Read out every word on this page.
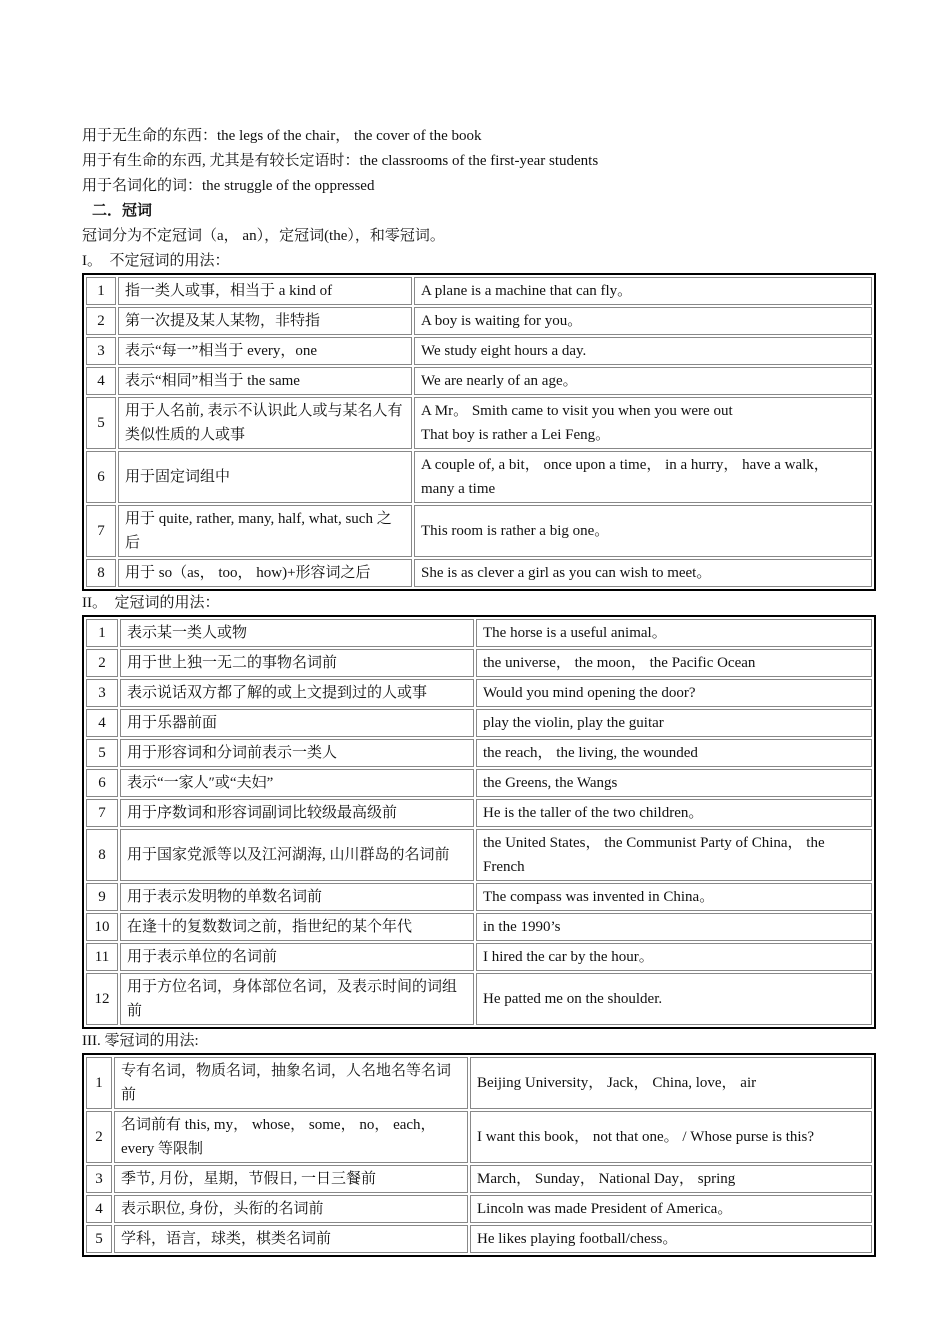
用于无生命的东西：the legs of the chair， the cover of the book
用于有生命的东西, 尤其是有较长定语时：the classrooms of the first-year students
用于名词化的词：the struggle of the oppressed
二．冠词
冠词分为不定冠词（a， an），定冠词(the），和零冠词。
I。　不定冠词的用法：
1	指一类人或事，相当于 a kind of	A plane is a machine that can fly。
2	第一次提及某人某物，非特指	A boy is waiting for you。
3	表示“每一”相当于 every，one	We study eight hours a day.
4	表示“相同”相当于 the same	We are nearly of an age。
5	用于人名前, 表示不认识此人或与某名人有类似性质的人或事	A Mr。 Smith came to visit you when you were out
That boy is rather a Lei Feng。
6	用于固定词组中	A couple of, a bit， once upon a time， in a hurry， have a walk， many a time
7	用于 quite, rather, many, half, what, such 之后	This room is rather a big one。
8	用于 so（as， too， how)+形容词之后	She is as clever a girl as you can wish to meet。
II。　定冠词的用法：
1	表示某一类人或物	The horse is a useful animal。
2	用于世上独一无二的事物名词前	the universe， the moon， the Pacific Ocean
3	表示说话双方都了解的或上文提到过的人或事	Would you mind opening the door?
4	用于乐器前面	play the violin, play the guitar
5	用于形容词和分词前表示一类人	the reach， the living, the wounded
6	表示“一家人″或“夫妇”	the Greens, the Wangs
7	用于序数词和形容词副词比较级最高级前	He is the taller of the two children。
8	用于国家党派等以及江河湖海, 山川群岛的名词前	the United States， the Communist Party of China， the French
9	用于表示发明物的单数名词前	The compass was invented in China。
10	在逢十的复数数词之前，指世纪的某个年代	in the 1990’s
11	用于表示单位的名词前	I hired the car by the hour。
12	用于方位名词，身体部位名词，及表示时间的词组前	He patted me on the shoulder.
III. 零冠词的用法:
1	专有名词，物质名词，抽象名词，人名地名等名词前	Beijing University， Jack， China, love， air
2	名词前有 this, my， whose， some， no， each， every 等限制	I want this book， not that one。 / Whose purse is this?
3	季节, 月份，星期，节假日, 一日三餐前	March， Sunday， National Day， spring
4	表示职位, 身份，头衔的名词前	Lincoln was made President of America。
5	学科，语言，球类，棋类名词前	He likes playing football/chess。
